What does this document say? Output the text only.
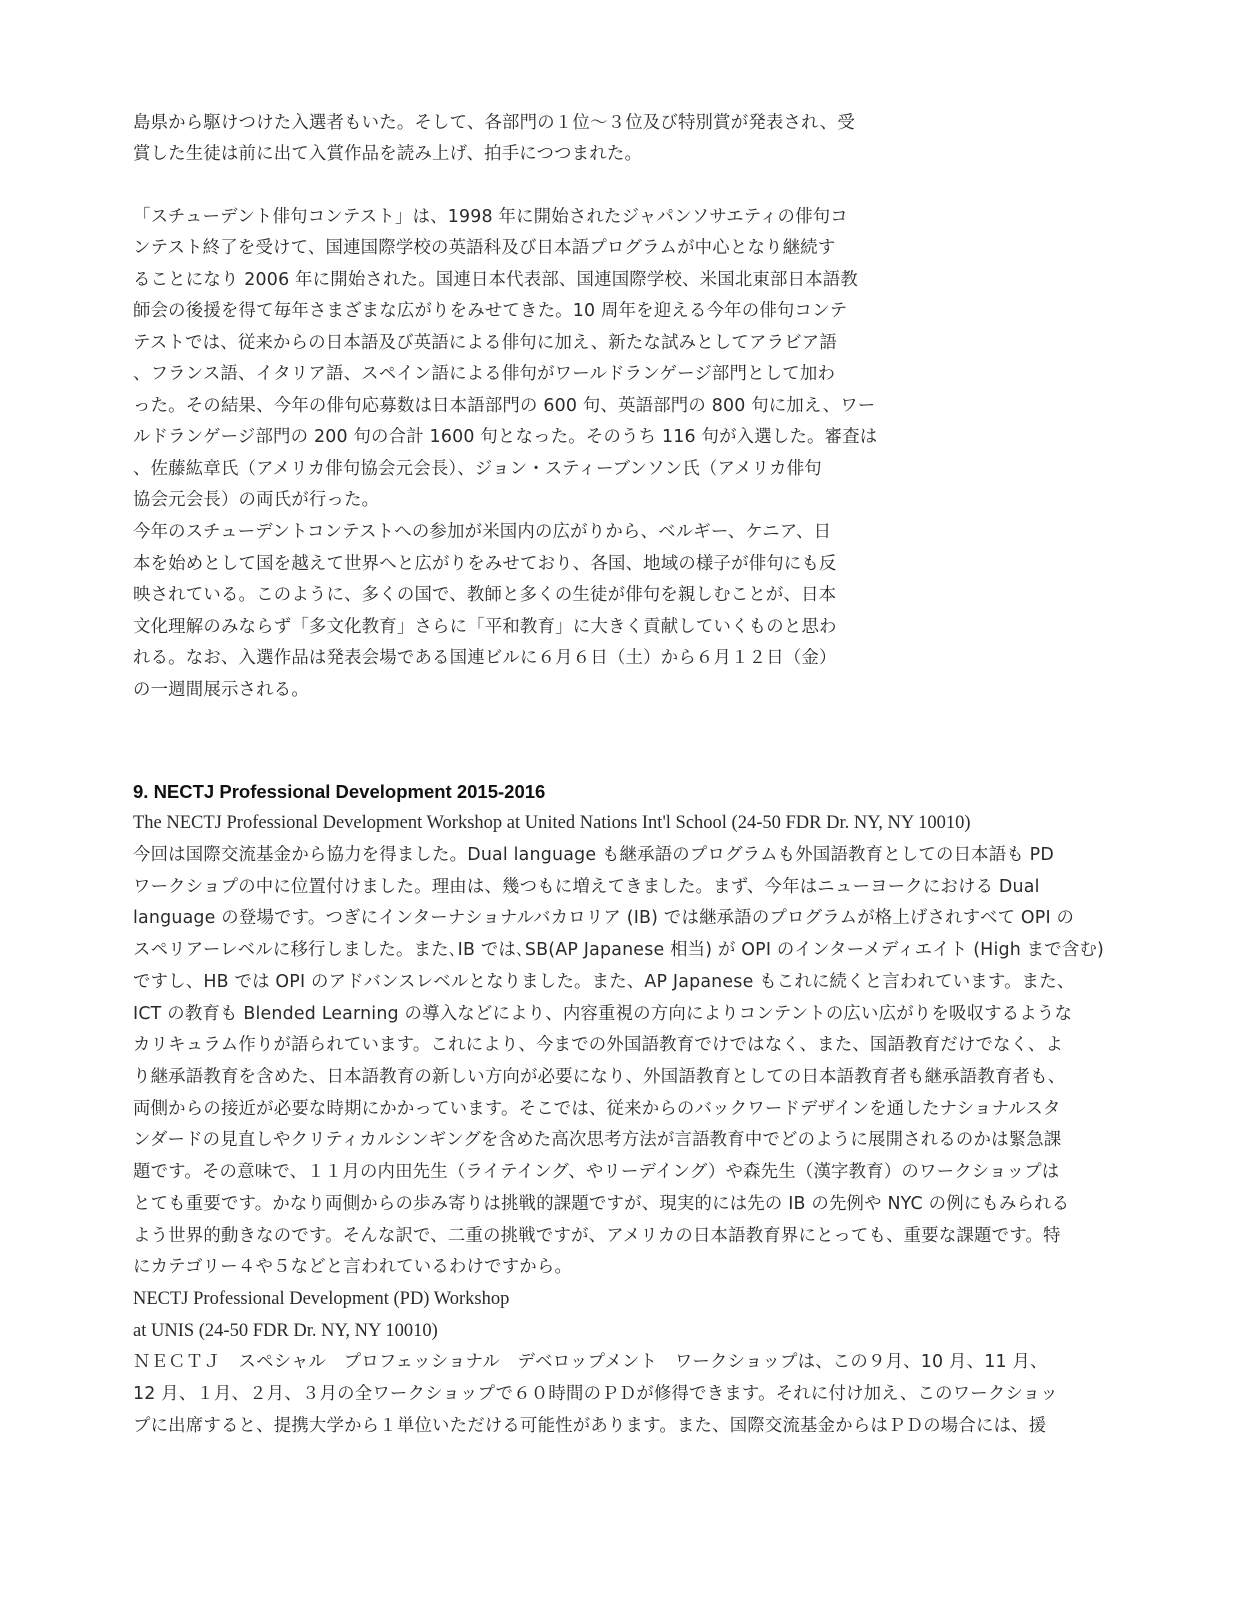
島県から駆けつけた入選者もいた。そして、各部門の１位～３位及び特別賞が発表され、受

賞した生徒は前に出て入賞作品を読み上げ、拍手につつまれた。

「スチューデント俳句コンテスト」は、1998 年に開始されたジャパンソサエティの俳句コ

ンテスト終了を受けて、国連国際学校の英語科及び日本語プログラムが中心となり継続す

ることになり 2006 年に開始された。国連日本代表部、国連国際学校、米国北東部日本語教

師会の後援を得て毎年さまざまな広がりをみせてきた。10 周年を迎える今年の俳句コンテ

テストでは、従来からの日本語及び英語による俳句に加え、新たな試みとしてアラビア語

、フランス語、イタリア語、スペイン語による俳句がワールドランゲージ部門として加わ

った。その結果、今年の俳句応募数は日本語部門の 600 句、英語部門の 800 句に加え、ワー

ルドランゲージ部門の 200 句の合計 1600 句となった。そのうち 116 句が入選した。審査は

、佐藤紘章氏（アメリカ俳句協会元会長）、ジョン・スティーブンソン氏（アメリカ俳句

協会元会長）の両氏が行った。

今年のスチューデントコンテストへの参加が米国内の広がりから、ベルギー、ケニア、日

本を始めとして国を越えて世界へと広がりをみせており、各国、地域の様子が俳句にも反

映されている。このように、多くの国で、教師と多くの生徒が俳句を親しむことが、日本

文化理解のみならず「多文化教育」さらに「平和教育」に大きく貢献していくものと思わ

れる。なお、入選作品は発表会場である国連ビルに６月６日（土）から６月１２日（金）

の一週間展示される。

9. NECTJ Professional Development 2015-2016

The NECTJ Professional Development Workshop at United Nations Int'l School (24-50 FDR Dr. NY, NY 10010)

今回は国際交流基金から協力を得ました。Dual language も継承語のプログラムも外国語教育としての日本語も PD

ワークショプの中に位置付けました。理由は、幾つもに増えてきました。まず、今年はニューヨークにおける Dual

language の登場です。つぎにインターナショナルバカロリア (IB) では継承語のプログラムが格上げされすべて OPI の

スペリアーレベルに移行しました。また､IB では､SB(AP Japanese 相当) が OPI のインターメディエイト (High まで含む)

ですし、HB では OPI のアドバンスレベルとなりました。また、AP Japanese もこれに続くと言われています。また、

ICT の教育も Blended Learning の導入などにより、内容重視の方向によりコンテントの広い広がりを吸収するような

カリキュラム作りが語られています。これにより、今までの外国語教育でけではなく、また、国語教育だけでなく、よ

り継承語教育を含めた、日本語教育の新しい方向が必要になり、外国語教育としての日本語教育者も継承語教育者も、

両側からの接近が必要な時期にかかっています。そこでは、従来からのバックワードデザインを通したナショナルスタ

ンダードの見直しやクリティカルシンギングを含めた高次思考方法が言語教育中でどのように展開されるのかは緊急課

題です。その意味で、１１月の内田先生（ライテイング、やリーデイング）や森先生（漢字教育）のワークショップは

とても重要です。かなり両側からの歩み寄りは挑戦的課題ですが、現実的には先の IB の先例や NYC の例にもみられる

よう世界的動きなのです。そんな訳で、二重の挑戦ですが、アメリカの日本語教育界にとっても、重要な課題です。特

にカテゴリー４や５などと言われているわけですから。

NECTJ Professional Development (PD) Workshop

at UNIS (24-50 FDR Dr. NY, NY 10010)

ＮＥＣＴＪ　スペシャル　プロフェッショナル　デベロップメント　ワークショップは、この９月、10 月、11 月、

12 月、１月、２月、３月の全ワークショップで６０時間のＰＤが修得できます。それに付け加え、このワークショッ

プに出席すると、提携大学から１単位いただける可能性があります。また、国際交流基金からはＰＤの場合には、援
